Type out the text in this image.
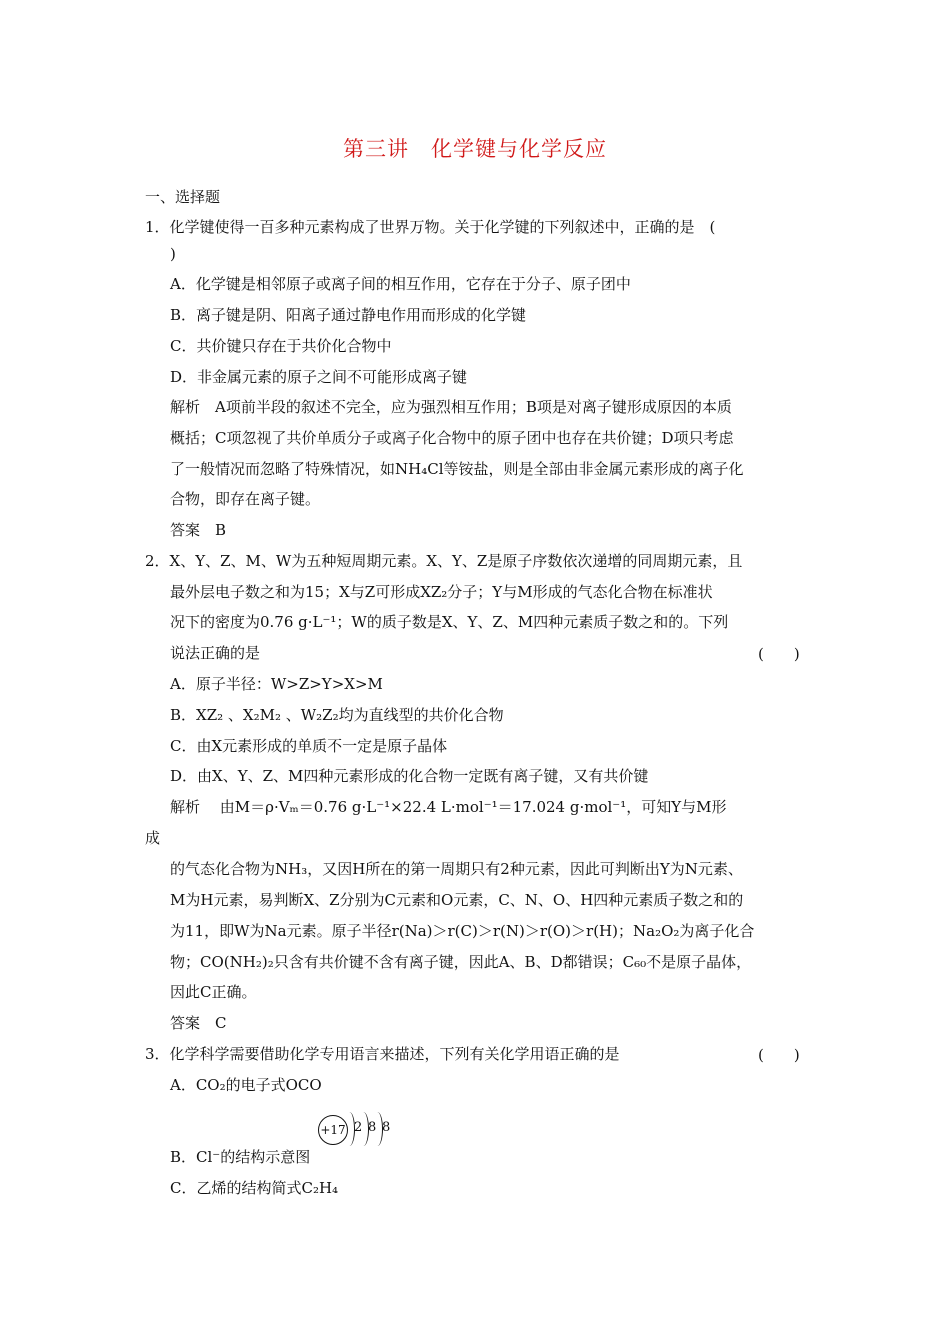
第三讲　化学键与化学反应
一、选择题
1．化学键使得一百多种元素构成了世界万物。关于化学键的下列叙述中，正确的是　(
)
A．化学键是相邻原子或离子间的相互作用，它存在于分子、原子团中
B．离子键是阴、阳离子通过静电作用而形成的化学键
C．共价键只存在于共价化合物中
D．非金属元素的原子之间不可能形成离子键
解析　A项前半段的叙述不完全，应为强烈相互作用；B项是对离子键形成原因的本质
概括；C项忽视了共价单质分子或离子化合物中的原子团中也存在共价键；D项只考虑
了一般情况而忽略了特殊情况，如NH₄Cl等铵盐，则是全部由非金属元素形成的离子化
合物，即存在离子键。
答案　B
2．X、Y、Z、M、W为五种短周期元素。X、Y、Z是原子序数依次递增的同周期元素，且
最外层电子数之和为15；X与Z可形成XZ₂分子；Y与M形成的气态化合物在标准状
况下的密度为0.76 g·L⁻¹；W的质子数是X、Y、Z、M四种元素质子数之和的。下列
说法正确的是	(　　)
A．原子半径：W>Z>Y>X>M
B．XZ₂ 、X₂M₂ 、W₂Z₂均为直线型的共价化合物
C．由X元素形成的单质不一定是原子晶体
D．由X、Y、Z、M四种元素形成的化合物一定既有离子键，又有共价键
解析　 由M＝ρ·Vₘ＝0.76 g·L⁻¹×22.4 L·mol⁻¹＝17.024 g·mol⁻¹，可知Y与M形
成
的气态化合物为NH₃，又因H所在的第一周期只有2种元素，因此可判断出Y为N元素、
M为H元素，易判断X、Z分别为C元素和O元素，C、N、O、H四种元素质子数之和的
为11，即W为Na元素。原子半径r(Na)＞r(C)＞r(N)＞r(O)＞r(H)；Na₂O₂为离子化合
物；CO(NH₂)₂只含有共价键不含有离子键，因此A、B、D都错误；C₆₀不是原子晶体，
因此C正确。
答案　C
3．化学科学需要借助化学专用语言来描述，下列有关化学用语正确的是	(　　)
A．CO₂的电子式OCO
+17 2 8 8
B．Cl⁻的结构示意图
C．乙烯的结构简式C₂H₄
